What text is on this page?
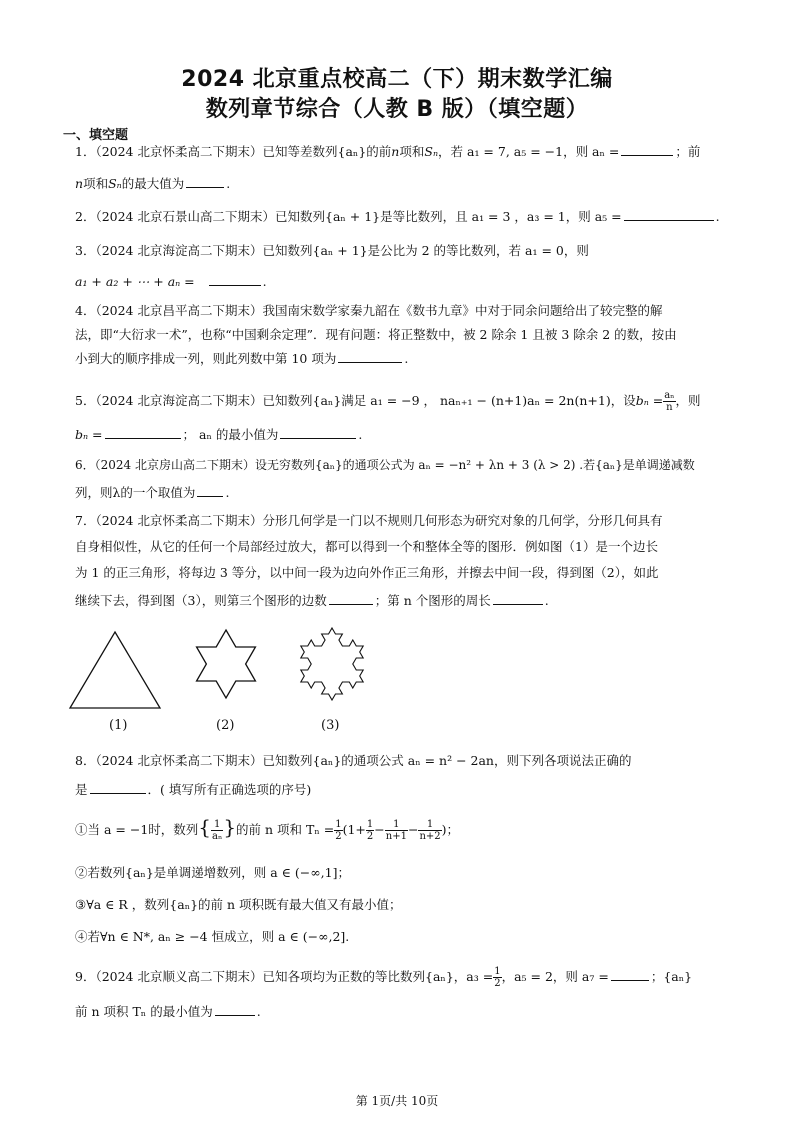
2024 北京重点校高二（下）期末数学汇编
数列章节综合（人教 B 版）（填空题）
一、填空题
1．（2024 北京怀柔高二下期末）已知等差数列{aₙ}的前n项和Sₙ，若 a₁ = 7, a₅ = −1，则 aₙ =	；前
n项和Sₙ的最大值为	.
2．（2024 北京石景山高二下期末）已知数列{aₙ + 1}是等比数列，且 a₁ = 3 ，a₃ = 1，则 a₅ =	.
3．（2024 北京海淀高二下期末）已知数列{aₙ + 1}是公比为 2 的等比数列，若 a₁ = 0，则
a₁ + a₂ + ⋯ + aₙ =	.
4．（2024 北京昌平高二下期末）我国南宋数学家秦九韶在《数书九章》中对于同余问题给出了较完整的解
法，即“大衍求一术”，也称“中国剩余定理”．现有问题：将正整数中，被 2 除余 1 且被 3 除余 2 的数，按由
小到大的顺序排成一列，则此列数中第 10 项为	.
5．（2024 北京海淀高二下期末）已知数列{aₙ}满足 a₁ = −9 ， naₙ₊₁ − (n+1)aₙ = 2n(n+1)，设$b_n = \frac{\text{aₙ}}{n}$ ，则
bₙ =	； aₙ 的最小值为	.
6．（2024 北京房山高二下期末）设无穷数列{aₙ}的通项公式为 aₙ = −n² + λn + 3 (λ > 2) .若{aₙ}是单调递减数
列，则λ的一个取值为 .
7．（2024 北京怀柔高二下期末）分形几何学是一门以不规则几何形态为研究对象的几何学，分形几何具有
自身相似性，从它的任何一个局部经过放大，都可以得到一个和整体全等的图形．例如图（1）是一个边长
为 1 的正三角形，将每边 3 等分，以中间一段为边向外作正三角形，并擦去中间一段，得到图（2），如此
继续下去，得到图（3），则第三个图形的边数	；第 n 个图形的周长	.
(1)	(2)	(3)
8．（2024 北京怀柔高二下期末）已知数列{aₙ}的通项公式 aₙ = n² − 2an，则下列各项说法正确的
是	．( 填写所有正确选项的序号)
①当 a = −1时，数列{ $\frac{1}{\text{aₙ}}$ }的前 n 项和 $T_n = \frac{1}{2} (1+ \frac{1}{2} - \frac{1}{n+1} - \frac{1}{n+2}$ )；
②若数列{aₙ}是单调递增数列，则 a ∈ (−∞,1]；
③∀a ∈ R ，数列{aₙ}的前 n 项积既有最大值又有最小值；
④若∀n ∈ N*, aₙ ≥ −4 恒成立，则 a ∈ (−∞,2].
9．（2024 北京顺义高二下期末）已知各项均为正数的等比数列{aₙ}，$a_3 = \frac{1}{2}$ ，a₅ = 2，则 a₇ =	；{aₙ}
前 n 项积 Tₙ 的最小值为	.
第 1页/共 10页
